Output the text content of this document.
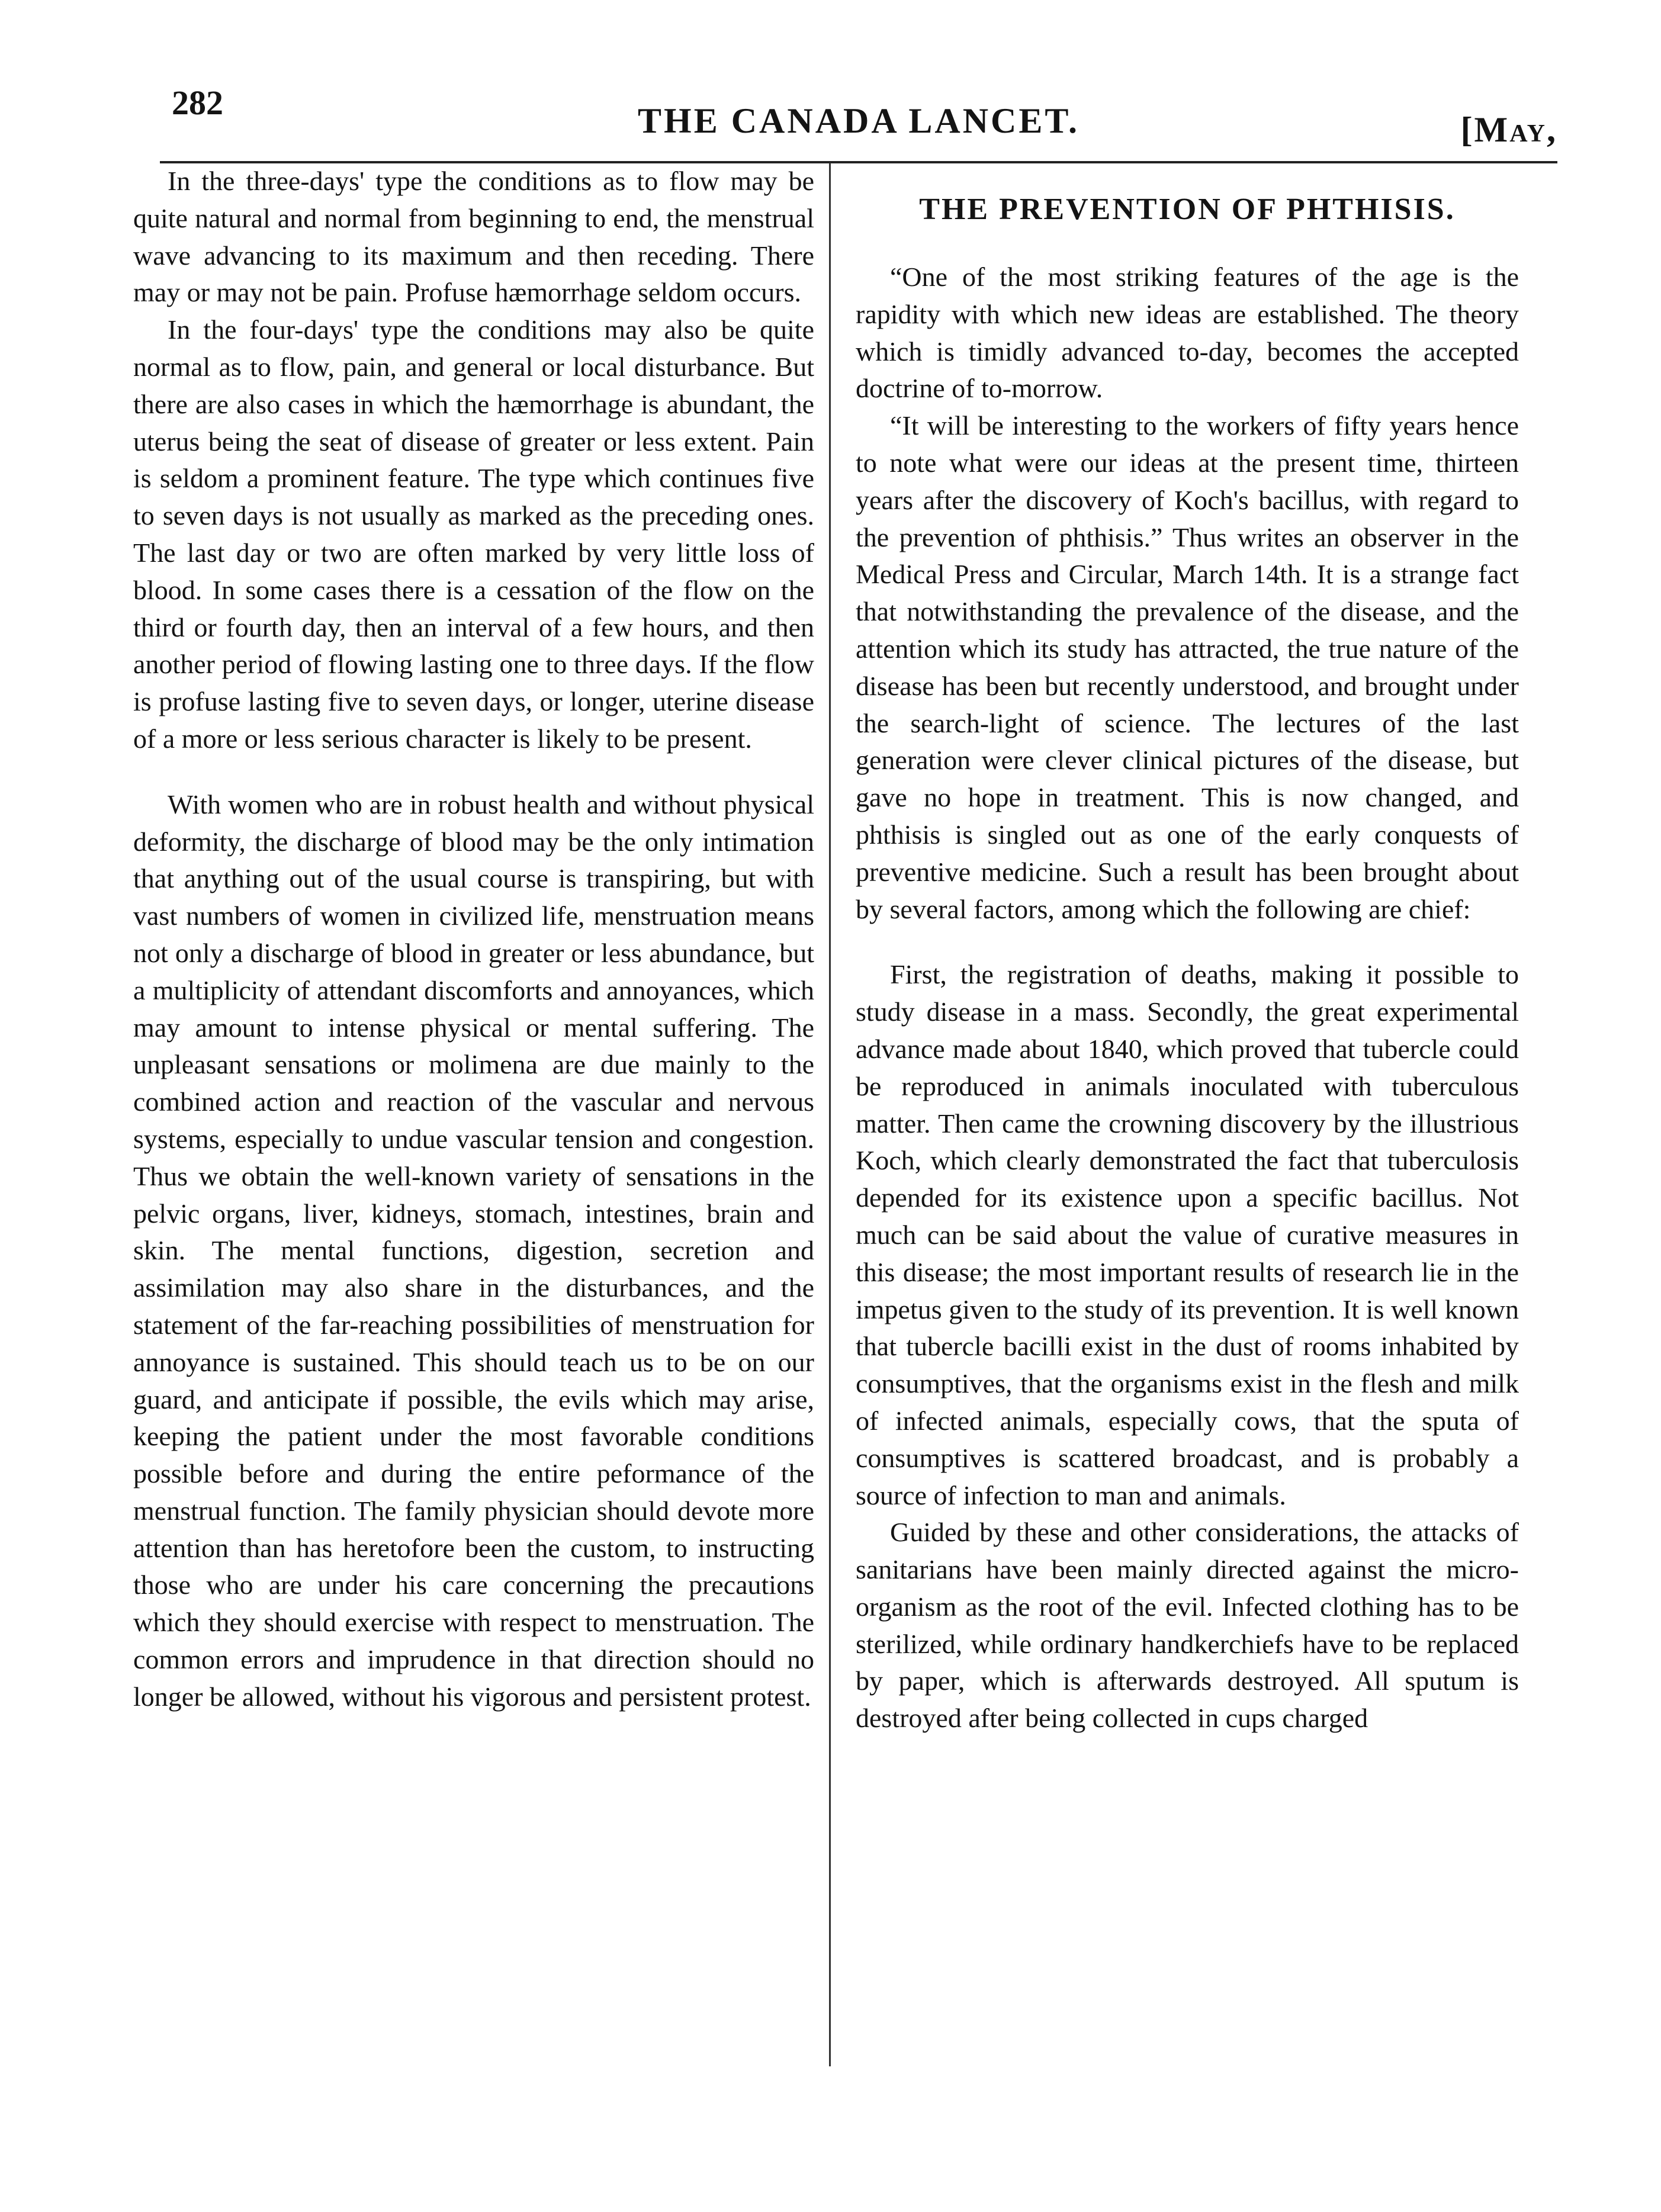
282	THE CANADA LANCET.	[May,

In the three-days' type the conditions as to flow may be quite natural and normal from beginning to end, the menstrual wave advancing to its maximum and then receding. There may or may not be pain. Profuse hæmorrhage seldom occurs.

In the four-days' type the conditions may also be quite normal as to flow, pain, and general or local disturbance. But there are also cases in which the hæmorrhage is abundant, the uterus being the seat of disease of greater or less extent. Pain is seldom a prominent feature. The type which continues five to seven days is not usually as marked as the preceding ones. The last day or two are often marked by very little loss of blood. In some cases there is a cessation of the flow on the third or fourth day, then an interval of a few hours, and then another period of flowing lasting one to three days. If the flow is profuse lasting five to seven days, or longer, uterine disease of a more or less serious character is likely to be present.

With women who are in robust health and without physical deformity, the discharge of blood may be the only intimation that anything out of the usual course is transpiring, but with vast numbers of women in civilized life, menstruation means not only a discharge of blood in greater or less abundance, but a multiplicity of attendant discomforts and annoyances, which may amount to intense physical or mental suffering. The unpleasant sensations or molimena are due mainly to the combined action and reaction of the vascular and nervous systems, especially to undue vascular tension and congestion. Thus we obtain the well-known variety of sensations in the pelvic organs, liver, kidneys, stomach, intestines, brain and skin. The mental functions, digestion, secretion and assimilation may also share in the disturbances, and the statement of the far-reaching possibilities of menstruation for annoyance is sustained. This should teach us to be on our guard, and anticipate if possible, the evils which may arise, keeping the patient under the most favorable conditions possible before and during the entire peformance of the menstrual function. The family physician should devote more attention than has heretofore been the custom, to instructing those who are under his care concerning the precautions which they should exercise with respect to menstruation. The common errors and imprudence in that direction should no longer be allowed, without his vigorous and persistent protest.

THE PREVENTION OF PHTHISIS.

“One of the most striking features of the age is the rapidity with which new ideas are established. The theory which is timidly advanced to-day, becomes the accepted doctrine of to-morrow.

“It will be interesting to the workers of fifty years hence to note what were our ideas at the present time, thirteen years after the discovery of Koch's bacillus, with regard to the prevention of phthisis.” Thus writes an observer in the Medical Press and Circular, March 14th. It is a strange fact that notwithstanding the prevalence of the disease, and the attention which its study has attracted, the true nature of the disease has been but recently understood, and brought under the search-light of science. The lectures of the last generation were clever clinical pictures of the disease, but gave no hope in treatment. This is now changed, and phthisis is singled out as one of the early conquests of preventive medicine. Such a result has been brought about by several factors, among which the following are chief:

First, the registration of deaths, making it possible to study disease in a mass. Secondly, the great experimental advance made about 1840, which proved that tubercle could be reproduced in animals inoculated with tuberculous matter. Then came the crowning discovery by the illustrious Koch, which clearly demonstrated the fact that tuberculosis depended for its existence upon a specific bacillus. Not much can be said about the value of curative measures in this disease; the most important results of research lie in the impetus given to the study of its prevention. It is well known that tubercle bacilli exist in the dust of rooms inhabited by consumptives, that the organisms exist in the flesh and milk of infected animals, especially cows, that the sputa of consumptives is scattered broadcast, and is probably a source of infection to man and animals.

Guided by these and other considerations, the attacks of sanitarians have been mainly directed against the micro-organism as the root of the evil. Infected clothing has to be sterilized, while ordinary handkerchiefs have to be replaced by paper, which is afterwards destroyed. All sputum is destroyed after being collected in cups charged
